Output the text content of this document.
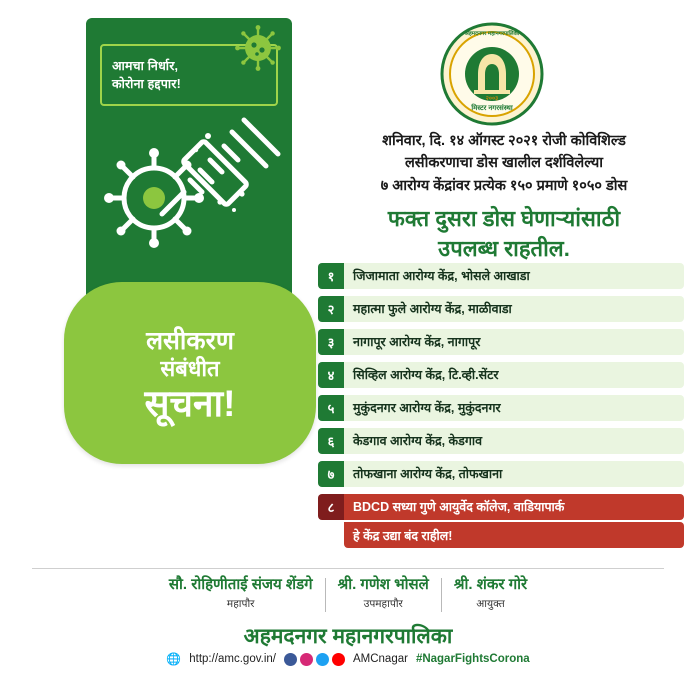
आमचा निर्धार,
कोरोना हद्दपार!
लसीकरण
संबंधीत
सूचना!
मिस्टर नगरसंस्था
अहमदनगर महानगरपालिका
२००३
शनिवार, दि. १४ ऑगस्ट २०२१ रोजी कोविशिल्ड
लसीकरणाचा डोस खालील दर्शविलेल्या
७ आरोग्य केंद्रांवर प्रत्येक १५० प्रमाणे १०५० डोस
फक्त दुसरा डोस घेणाऱ्यांसाठी
उपलब्ध राहतील.
१	जिजामाता आरोग्य केंद्र, भोसले आखाडा
२	महात्मा फुले आरोग्य केंद्र, माळीवाडा
३	नागापूर आरोग्य केंद्र, नागापूर
४	सिव्हिल आरोग्य केंद्र, टि.व्ही.सेंटर
५	मुकुंदनगर आरोग्य केंद्र, मुकुंदनगर
६	केडगाव आरोग्य केंद्र, केडगाव
७	तोफखाना आरोग्य केंद्र, तोफखाना
८	BDCD सध्या गुणे आयुर्वेद कॉलेज, वाडियापार्क
हे केंद्र उद्या बंद राहील!
सौ. रोहिणीताई संजय शेंडगे
महापौर
श्री. गणेश भोसले
उपमहापौर
श्री. शंकर गोरे
आयुक्त
अहमदनगर महानगरपालिका
🌐 http://amc.gov.in/	AMCnagar #NagarFightsCorona
